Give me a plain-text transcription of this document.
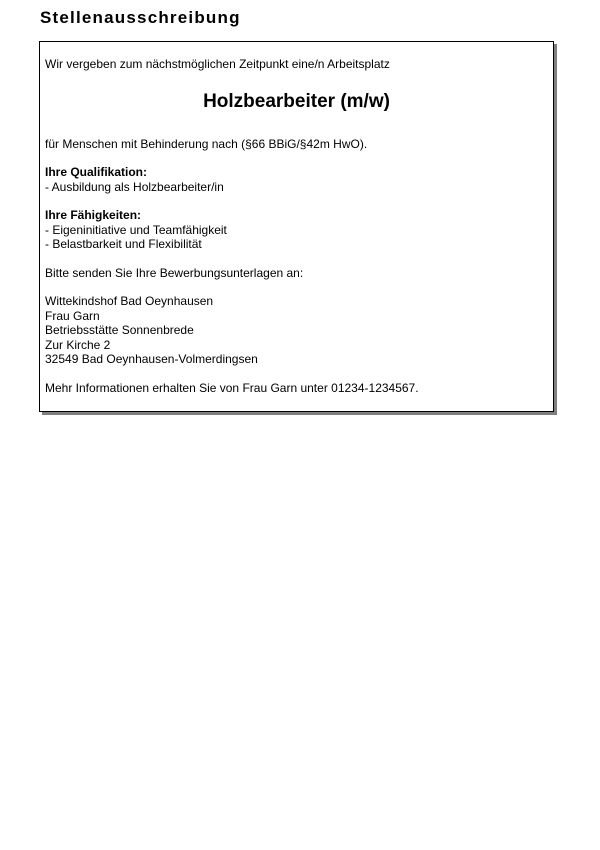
Stellenausschreibung

Wir vergeben zum nächstmöglichen Zeitpunkt eine/n Arbeitsplatz

Holzbearbeiter (m/w)

für Menschen mit Behinderung nach (§66 BBiG/§42m HwO).

Ihre Qualifikation:
- Ausbildung als Holzbearbeiter/in
Ihre Fähigkeiten:
- Eigeninitiative und Teamfähigkeit
- Belastbarkeit und Flexibilität
Bitte senden Sie Ihre Bewerbungsunterlagen an:
Wittekindshof Bad Oeynhausen
Frau Garn
Betriebsstätte Sonnenbrede
Zur Kirche 2
32549 Bad Oeynhausen-Volmerdingsen
Mehr Informationen erhalten Sie von Frau Garn unter 01234-1234567.
